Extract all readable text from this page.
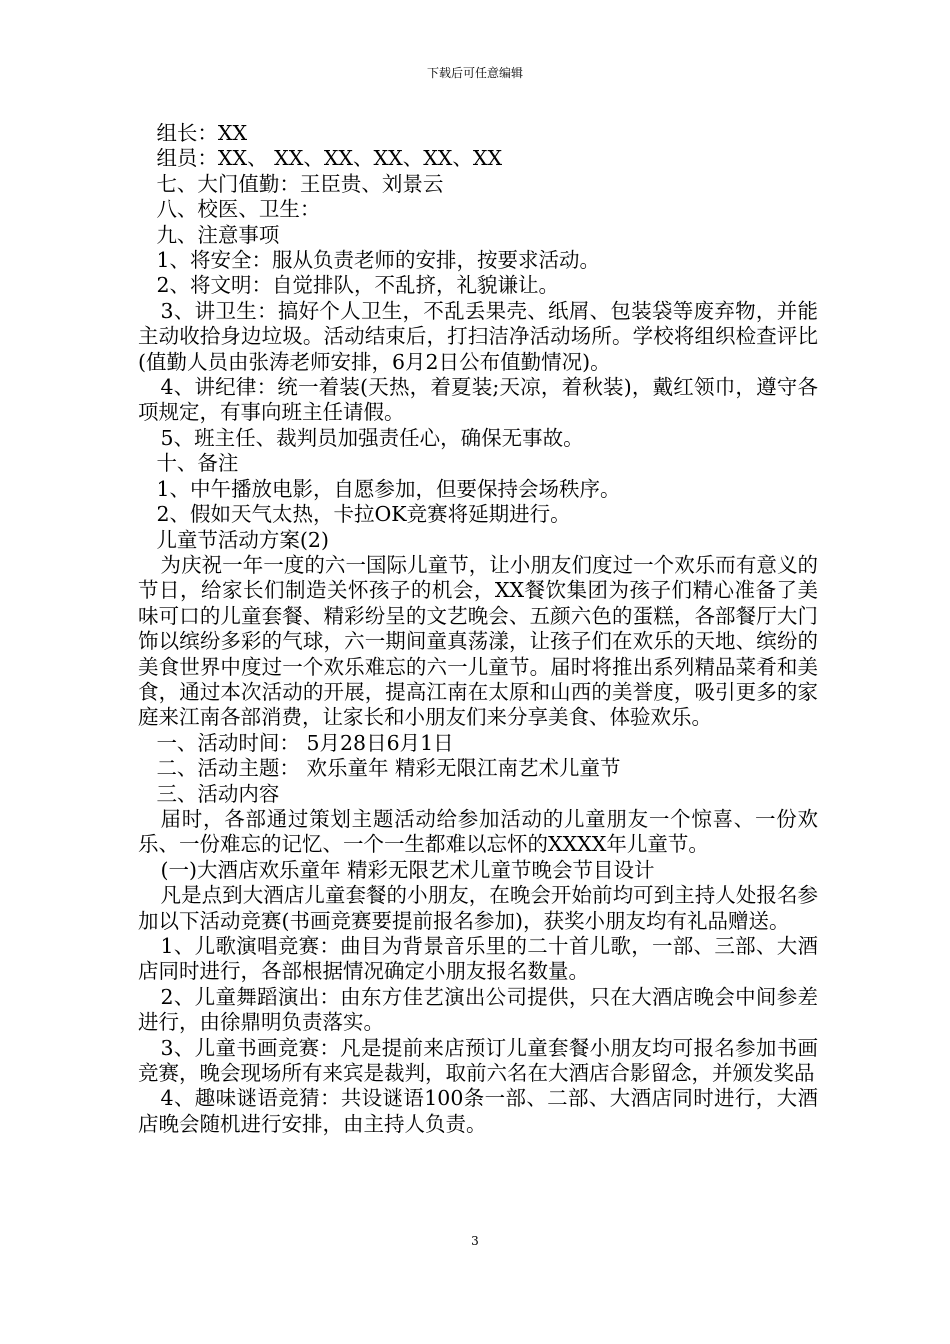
下载后可任意编辑

组长：XX

组员：XX、 XX、XX、XX、XX、XX

七、大门值勤：王臣贵、刘景云

八、校医、卫生：

九、注意事项

1、将安全：服从负责老师的安排，按要求活动。

2、将文明：自觉排队，不乱挤，礼貌谦让。

3、讲卫生：搞好个人卫生，不乱丢果壳、纸屑、包装袋等废弃物，并能主动收拾身边垃圾。活动结束后，打扫洁净活动场所。学校将组织检查评比(值勤人员由张涛老师安排，6月2日公布值勤情况)。

4、讲纪律：统一着装(天热，着夏装;天凉，着秋装)，戴红领巾，遵守各项规定，有事向班主任请假。

5、班主任、裁判员加强责任心，确保无事故。

十、备注

1、中午播放电影，自愿参加，但要保持会场秩序。

2、假如天气太热，卡拉OK竞赛将延期进行。

儿童节活动方案(2)

为庆祝一年一度的六一国际儿童节，让小朋友们度过一个欢乐而有意义的节日，给家长们制造关怀孩子的机会，XX餐饮集团为孩子们精心准备了美味可口的儿童套餐、精彩纷呈的文艺晚会、五颜六色的蛋糕，各部餐厅大门饰以缤纷多彩的气球，六一期间童真荡漾，让孩子们在欢乐的天地、缤纷的美食世界中度过一个欢乐难忘的六一儿童节。届时将推出系列精品菜肴和美食，通过本次活动的开展，提高江南在太原和山西的美誉度，吸引更多的家庭来江南各部消费，让家长和小朋友们来分享美食、体验欢乐。

一、活动时间： 5月28日6月1日

二、活动主题： 欢乐童年 精彩无限江南艺术儿童节

三、活动内容

届时，各部通过策划主题活动给参加活动的儿童朋友一个惊喜、一份欢乐、一份难忘的记忆、一个一生都难以忘怀的XXXX年儿童节。

(一)大酒店欢乐童年 精彩无限艺术儿童节晚会节目设计

凡是点到大酒店儿童套餐的小朋友，在晚会开始前均可到主持人处报名参加以下活动竞赛(书画竞赛要提前报名参加)，获奖小朋友均有礼品赠送。

1、儿歌演唱竞赛：曲目为背景音乐里的二十首儿歌，一部、三部、大酒店同时进行，各部根据情况确定小朋友报名数量。

2、儿童舞蹈演出：由东方佳艺演出公司提供，只在大酒店晚会中间参差进行，由徐鼎明负责落实。

3、儿童书画竞赛：凡是提前来店预订儿童套餐小朋友均可报名参加书画竞赛，晚会现场所有来宾是裁判，取前六名在大酒店合影留念，并颁发奖品

4、趣味谜语竞猜：共设谜语100条一部、二部、大酒店同时进行，大酒店晚会随机进行安排，由主持人负责。

3
